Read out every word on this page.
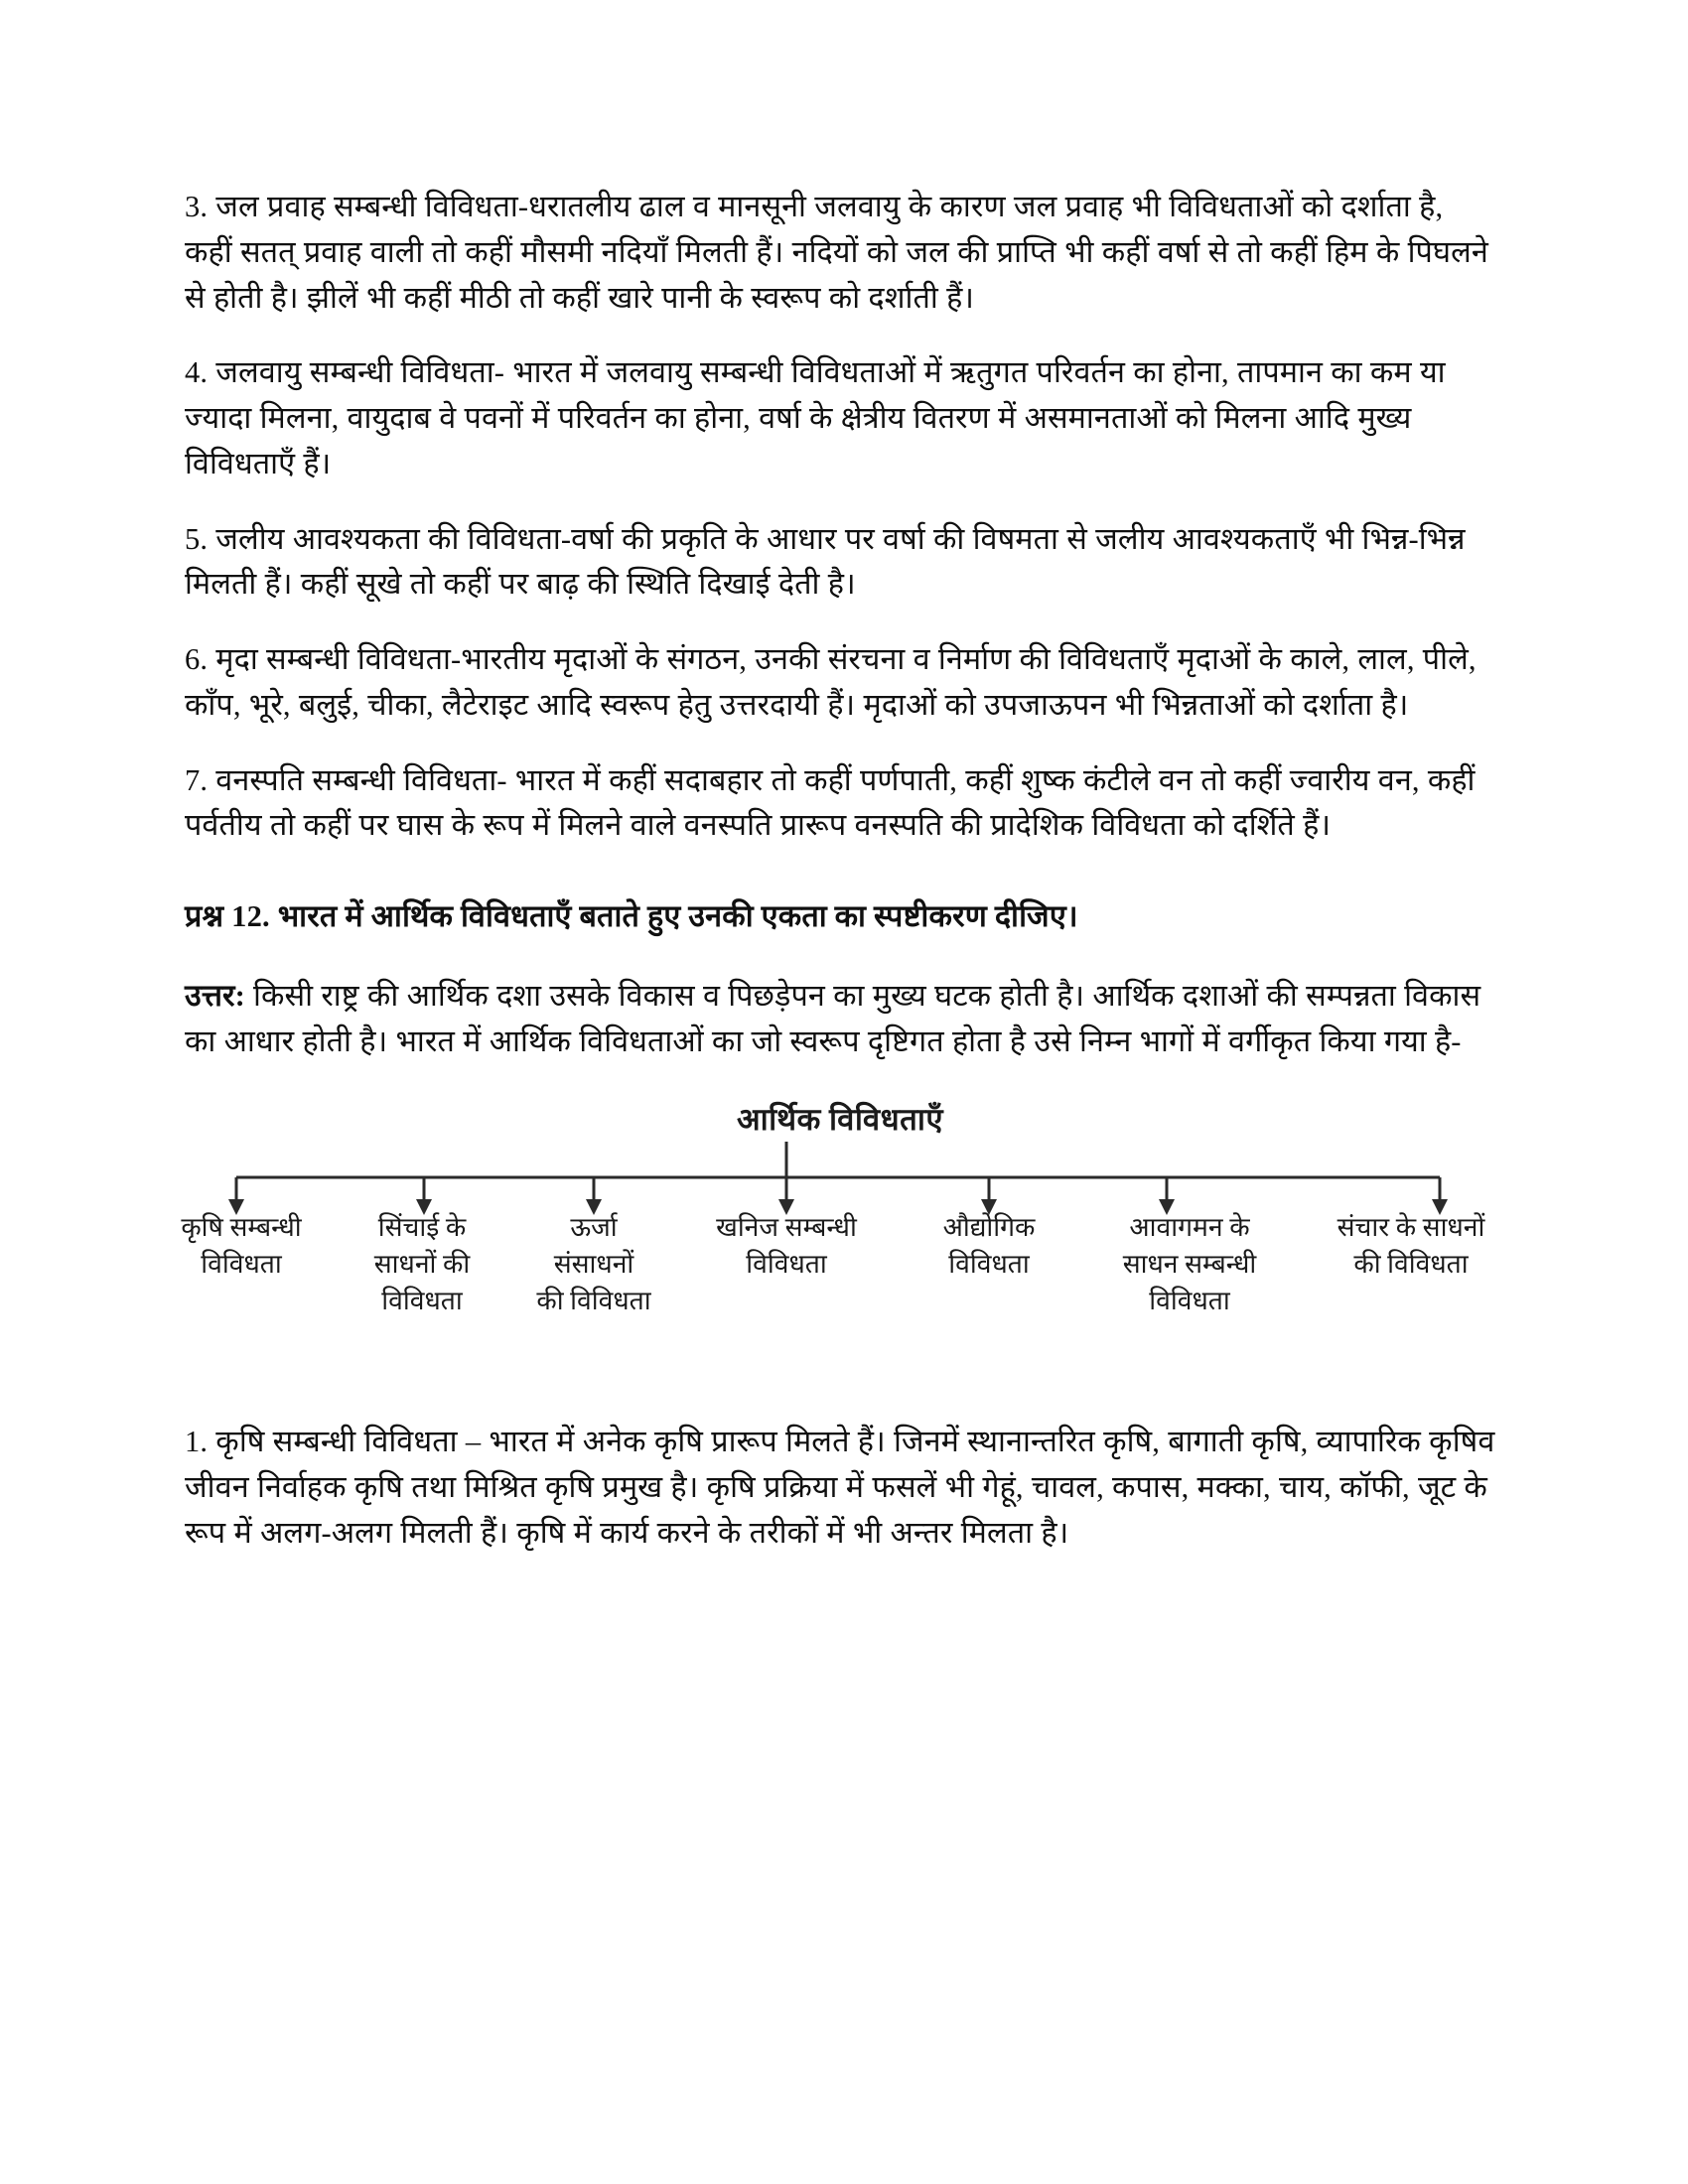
3. जल प्रवाह सम्बन्धी विविधता-धरातलीय ढाल व मानसूनी जलवायु के कारण जल प्रवाह भी विविधताओं को दर्शाता है, कहीं सतत् प्रवाह वाली तो कहीं मौसमी नदियाँ मिलती हैं। नदियों को जल की प्राप्ति भी कहीं वर्षा से तो कहीं हिम के पिघलने से होती है। झीलें भी कहीं मीठी तो कहीं खारे पानी के स्वरूप को दर्शाती हैं।

4. जलवायु सम्बन्धी विविधता- भारत में जलवायु सम्बन्धी विविधताओं में ऋतुगत परिवर्तन का होना, तापमान का कम या ज्यादा मिलना, वायुदाब वे पवनों में परिवर्तन का होना, वर्षा के क्षेत्रीय वितरण में असमानताओं को मिलना आदि मुख्य विविधताएँ हैं।

5. जलीय आवश्यकता की विविधता-वर्षा की प्रकृति के आधार पर वर्षा की विषमता से जलीय आवश्यकताएँ भी भिन्न-भिन्न मिलती हैं। कहीं सूखे तो कहीं पर बाढ़ की स्थिति दिखाई देती है।

6. मृदा सम्बन्धी विविधता-भारतीय मृदाओं के संगठन, उनकी संरचना व निर्माण की विविधताएँ मृदाओं के काले, लाल, पीले, काँप, भूरे, बलुई, चीका, लैटेराइट आदि स्वरूप हेतु उत्तरदायी हैं। मृदाओं को उपजाऊपन भी भिन्नताओं को दर्शाता है।

7. वनस्पति सम्बन्धी विविधता- भारत में कहीं सदाबहार तो कहीं पर्णपाती, कहीं शुष्क कंटीले वन तो कहीं ज्वारीय वन, कहीं पर्वतीय तो कहीं पर घास के रूप में मिलने वाले वनस्पति प्रारूप वनस्पति की प्रादेशिक विविधता को दर्शिते हैं।

प्रश्न 12. भारत में आर्थिक विविधताएँ बताते हुए उनकी एकता का स्पष्टीकरण दीजिए।

उत्तर: किसी राष्ट्र की आर्थिक दशा उसके विकास व पिछड़ेपन का मुख्य घटक होती है। आर्थिक दशाओं की सम्पन्नता विकास का आधार होती है। भारत में आर्थिक विविधताओं का जो स्वरूप दृष्टिगत होता है उसे निम्न भागों में वर्गीकृत किया गया है-

आर्थिक विविधताएँ
कृषि सम्बन्धी
विविधता
सिंचाई के
साधनों की
विविधता
ऊर्जा
संसाधनों
की विविधता
खनिज सम्बन्धी
विविधता
औद्योगिक
विविधता
आवागमन के
साधन सम्बन्धी
विविधता
संचार के साधनों
की विविधता

1. कृषि सम्बन्धी विविधता – भारत में अनेक कृषि प्रारूप मिलते हैं। जिनमें स्थानान्तरित कृषि, बागाती कृषि, व्यापारिक कृषिव जीवन निर्वाहक कृषि तथा मिश्रित कृषि प्रमुख है। कृषि प्रक्रिया में फसलें भी गेहूं, चावल, कपास, मक्का, चाय, कॉफी, जूट के रूप में अलग-अलग मिलती हैं। कृषि में कार्य करने के तरीकों में भी अन्तर मिलता है।
